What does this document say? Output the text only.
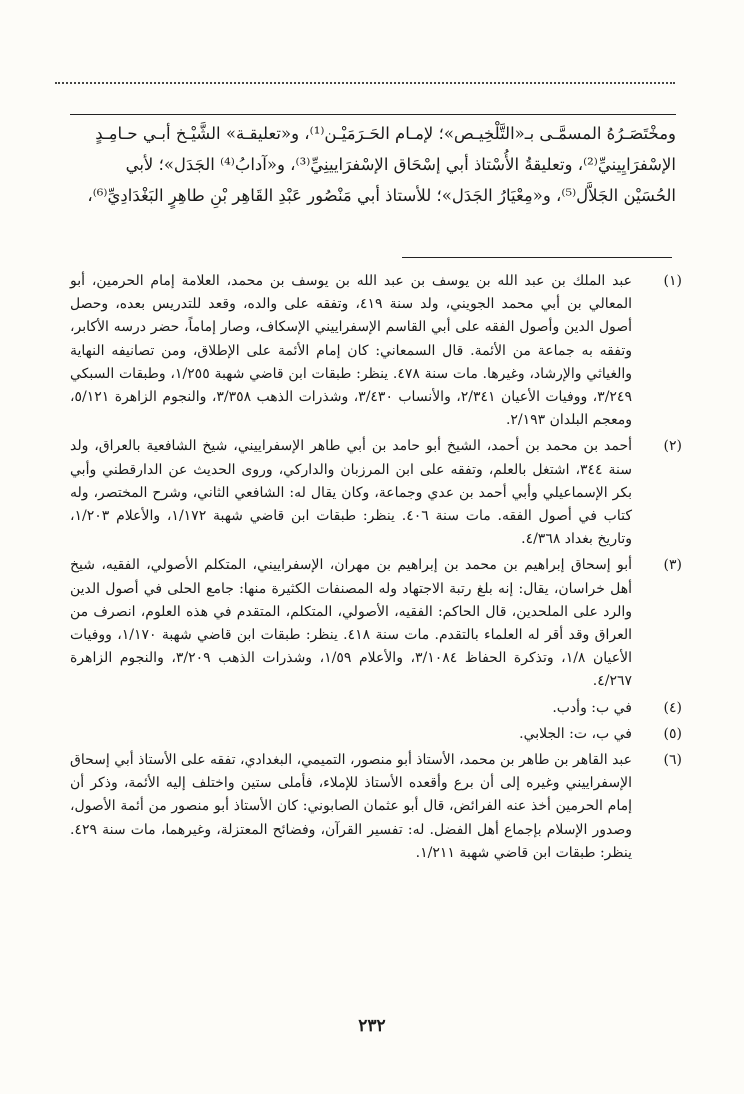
ومخْتَصَـرُهُ المسمَّـى بـ«التَّلْخِيـص»؛ لإمـام الحَـرَمَيْـن⁽¹⁾، و«تعليقـة» الشَّيْـخ أبـي حـامِـدٍ

الإسْفرَايِينيِّ⁽²⁾، وتعليقةُ الأُسْتاذ أبي إسْحَاق الإسْفرَايينِيِّ⁽³⁾، و«آدابُ⁽⁴⁾ الجَدَل»؛ لأبي

الحُسَيْن الجَلاَّل⁽⁵⁾، و«مِعْيَارُ الجَدَل»؛ للأستاذ أبي مَنْصُور عَبْدِ القَاهِر بْنِ طاهِرٍ البَغْدَادِيِّ⁽⁶⁾،

(١)
عبد الملك بن عبد الله بن يوسف بن عبد الله بن يوسف بن محمد، العلامة إمام الحرمين، أبو المعالي بن أبي محمد الجويني، ولد سنة ٤١٩، وتفقه على والده، وقعد للتدريس بعده، وحصل أصول الدين وأصول الفقه على أبي القاسم الإسفراييني الإسكاف، وصار إماماً، حضر درسه الأكابر، وتفقه به جماعة من الأئمة. قال السمعاني: كان إمام الأئمة على الإطلاق، ومن تصانيفه النهاية والغياثي والإرشاد، وغيرها. مات سنة ٤٧٨. ينظر: طبقات ابن قاضي شهبة ١/٢٥٥، وطبقات السبكي ٣/٢٤٩، ووفيات الأعيان ٢/٣٤١، والأنساب ٣/٤٣٠، وشذرات الذهب ٣/٣٥٨، والنجوم الزاهرة ٥/١٢١، ومعجم البلدان ٢/١٩٣.
(٢)
أحمد بن محمد بن أحمد، الشيخ أبو حامد بن أبي طاهر الإسفراييني، شيخ الشافعية بالعراق، ولد سنة ٣٤٤، اشتغل بالعلم، وتفقه على ابن المرزبان والداركي، وروى الحديث عن الدارقطني وأبي بكر الإسماعيلي وأبي أحمد بن عدي وجماعة، وكان يقال له: الشافعي الثاني، وشرح المختصر، وله كتاب في أصول الفقه. مات سنة ٤٠٦. ينظر: طبقات ابن قاضي شهبة ١/١٧٢، والأعلام ١/٢٠٣، وتاريخ بغداد ٤/٣٦٨.
(٣)
أبو إسحاق إبراهيم بن محمد بن إبراهيم بن مهران، الإسفراييني، المتكلم الأصولي، الفقيه، شيخ أهل خراسان، يقال: إنه بلغ رتبة الاجتهاد وله المصنفات الكثيرة منها: جامع الحلى في أصول الدين والرد على الملحدين، قال الحاكم: الفقيه، الأصولي، المتكلم، المتقدم في هذه العلوم، انصرف من العراق وقد أقر له العلماء بالتقدم. مات سنة ٤١٨. ينظر: طبقات ابن قاضي شهبة ١/١٧٠، ووفيات الأعيان ١/٨، وتذكرة الحفاظ ٣/١٠٨٤، والأعلام ١/٥٩، وشذرات الذهب ٣/٢٠٩، والنجوم الزاهرة ٤/٢٦٧.
(٤)
في ب: وأدب.
(٥)
في ب، ت: الجلابي.
(٦)
عبد القاهر بن طاهر بن محمد، الأستاذ أبو منصور، التميمي، البغدادي، تفقه على الأستاذ أبي إسحاق الإسفراييني وغيره إلى أن برع وأقعده الأستاذ للإملاء، فأملى ستين واختلف إليه الأئمة، وذكر أن إمام الحرمين أخذ عنه الفرائض، قال أبو عثمان الصابوني: كان الأستاذ أبو منصور من أئمة الأصول، وصدور الإسلام بإجماع أهل الفضل. له: تفسير القرآن، وفضائح المعتزلة، وغيرهما، مات سنة ٤٢٩. ينظر: طبقات ابن قاضي شهبة ١/٢١١.
٢٣٢
